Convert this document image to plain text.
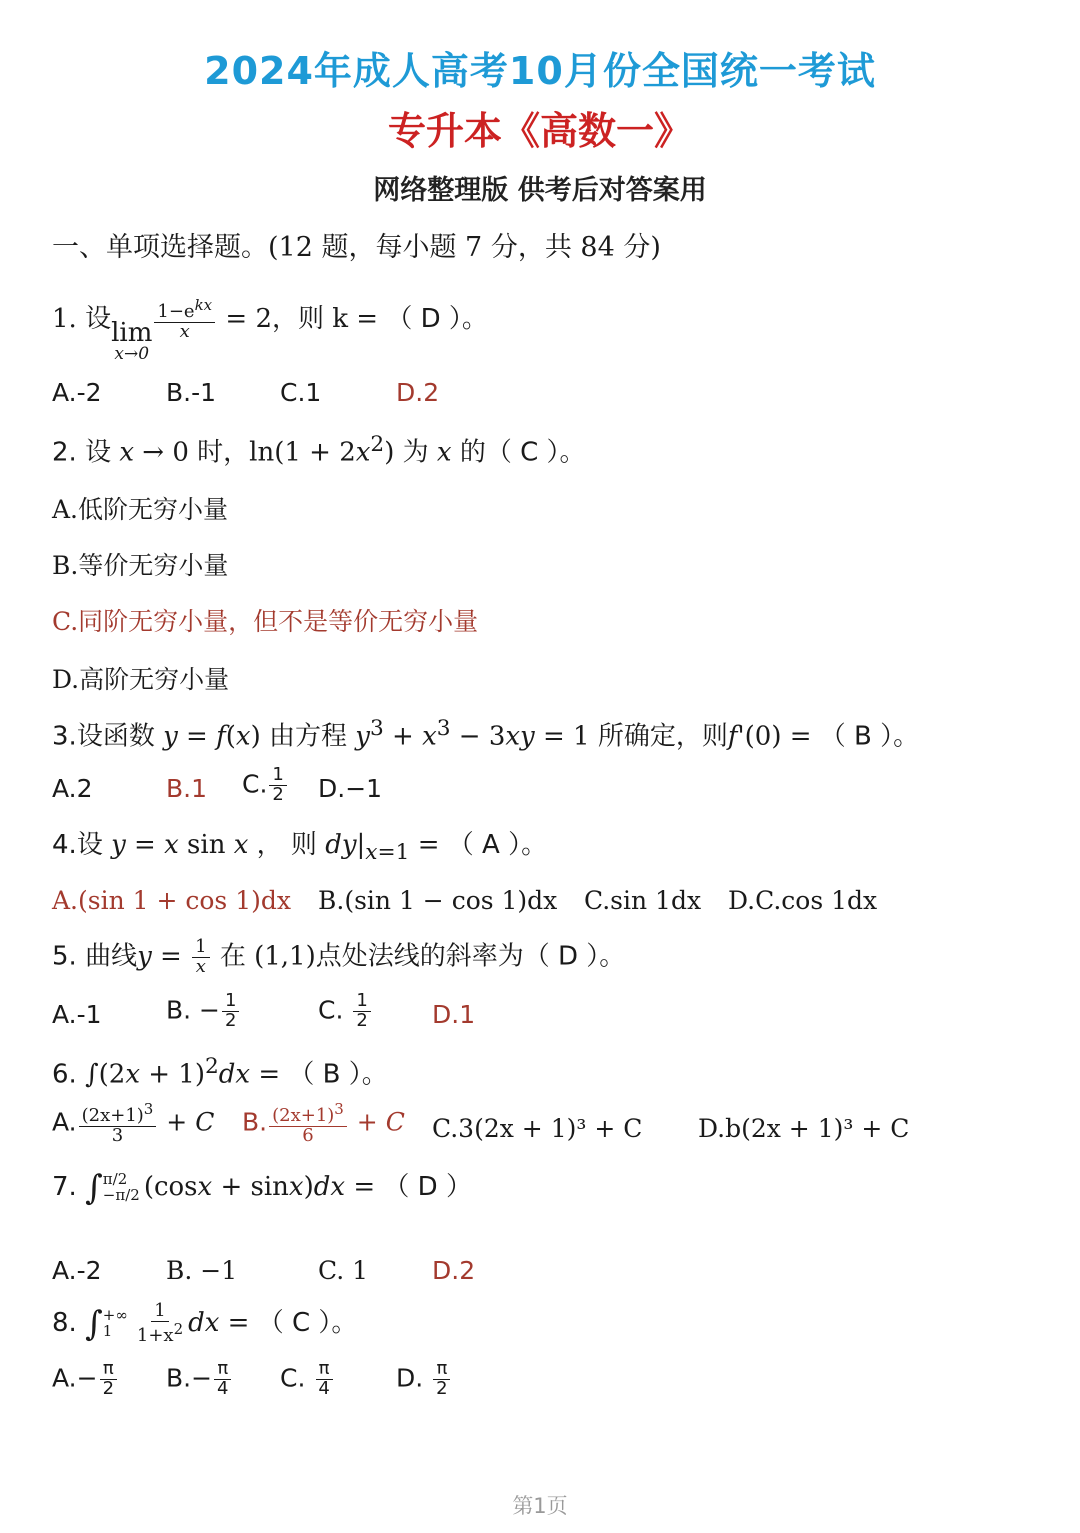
2024年成人高考10月份全国统一考试
专升本《高数一》
网络整理版 供考后对答案用
一、单项选择题。(12 题，每小题 7 分，共 84 分)
1. 设lim
x→0
$\frac{1-e^{kx}}{x} = 2$，则 k = （ D ）。
A.-2	B.-1	C.1	D.2
2. 设 x → 0 时，$\ln(1 + 2x^2)$ 为 x 的（ C ）。
A.低阶无穷小量
B.等价无穷小量
C.同阶无穷小量，但不是等价无穷小量
D.高阶无穷小量
3.设函数 y = f(x) 由方程 $y^3 + x^3 - 3xy = 1$ 所确定，则f'(0) = （ B ）。
A.2	B.1 C. $\frac{1}{2} D.-1$
4.设 y = x sin x ， 则 $dy|_{x=1}$ = （ A ）。
A.(sin 1 + cos 1)dx B.(sin 1 − cos 1)dx C.sin 1dx D.C.cos 1dx
5. 曲线$y = \frac{1}{x}$ 在 (1,1)点处法线的斜率为（ D ）。
A.-1	B. − $\frac{1}{2}$	C. $\frac{1}{2} D.1$
6. $\int(2x + 1)^2dx$ = （ B ）。
A. $\frac{(2x+1)^3}{3} + C$ B. $\frac{(2x+1)^3}{6} + C$ C.3(2x + 1)³ + C D.b(2x + 1)³ + C
7. ∫ π/2
−π/2 (cosx + sinx)dx = （ D ）
A.-2	B. −1	C. 1	D.2
8. ∫ +∞
1	$\frac{1}{1+x^2}$ dx = （ C ）。
$A.- \frac{\pi}{2} B.- \frac{\pi}{4} C$. $\frac{\pi}{4}$	D. $\frac{\pi}{2}$
第1页
